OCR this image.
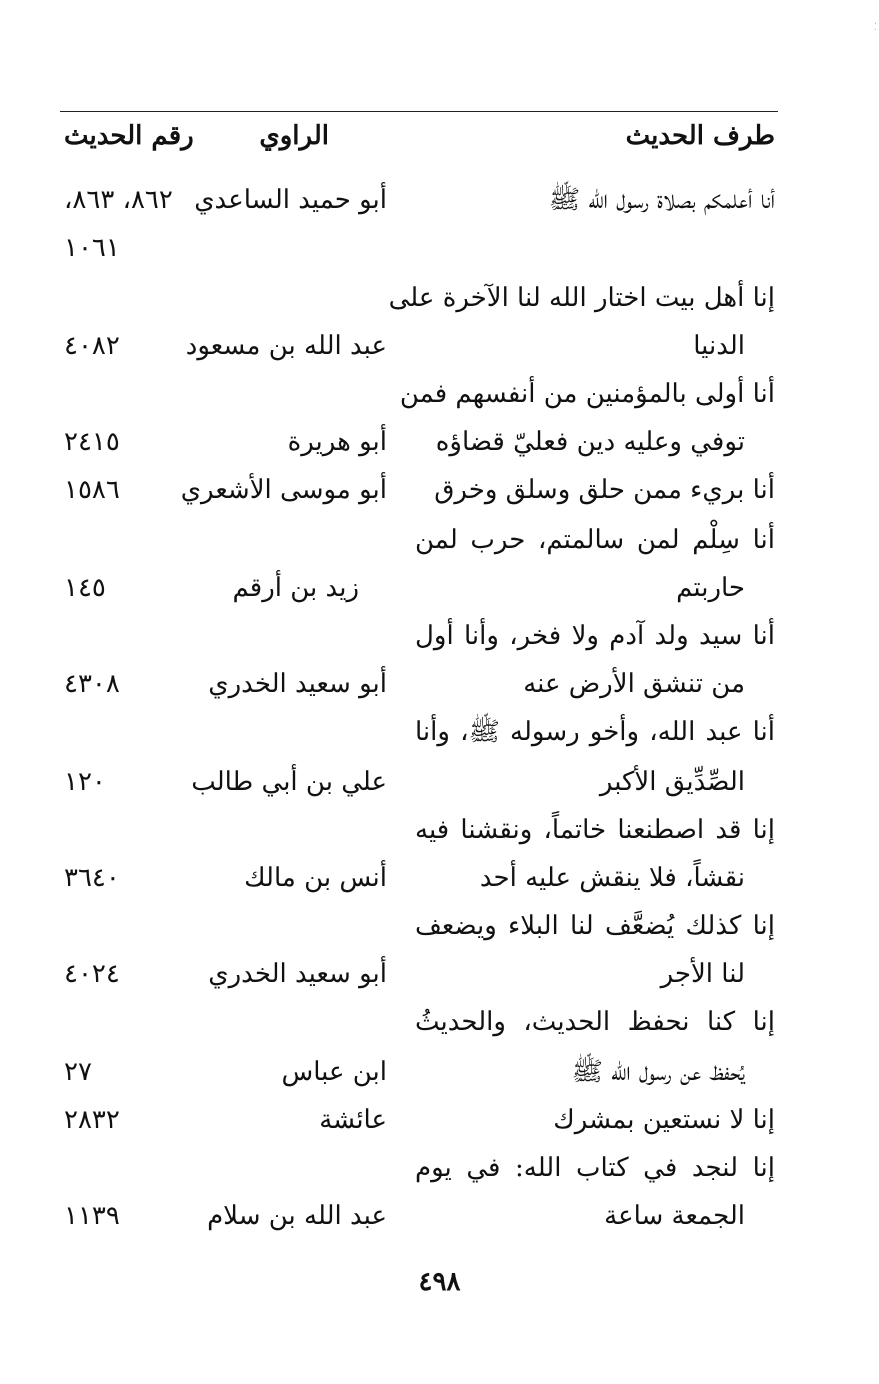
⁚
طرف الحديث
الراوي
رقم الحديث
أنا أعلمكم بصلاة رسول الله ﷺ
أبو حميد الساعدي
٨٦٢، ٨٦٣،
١٠٦١
إنا أهل بيت اختار الله لنا الآخرة على
الدنيا
عبد الله بن مسعود
٤٠٨٢
أنا أولى بالمؤمنين من أنفسهم فمن
توفي وعليه دين فعليّ قضاؤه
أبو هريرة
٢٤١٥
أنا بريء ممن حلق وسلق وخرق
أبو موسى الأشعري
١٥٨٦
أنا سِلْم لمن سالمتم، حرب لمن
حاربتم
زيد بن أرقم
١٤٥
أنا سيد ولد آدم ولا فخر، وأنا أول
من تنشق الأرض عنه
أبو سعيد الخدري
٤٣٠٨
أنا عبد الله، وأخو رسوله ﷺ، وأنا
الصِّدِّيق الأكبر
علي بن أبي طالب
١٢٠
إنا قد اصطنعنا خاتماً، ونقشنا فيه
نقشاً، فلا ينقش عليه أحد
أنس بن مالك
٣٦٤٠
إنا كذلك يُضعَّف لنا البلاء ويضعف
لنا الأجر
أبو سعيد الخدري
٤٠٢٤
إنا كنا نحفظ الحديث، والحديثُ
يُحفظ عن رسول الله ﷺ
ابن عباس
٢٧
إنا لا نستعين بمشرك
عائشة
٢٨٣٢
إنا لنجد في كتاب الله: في يوم
الجمعة ساعة
عبد الله بن سلام
١١٣٩
٤٩٨
